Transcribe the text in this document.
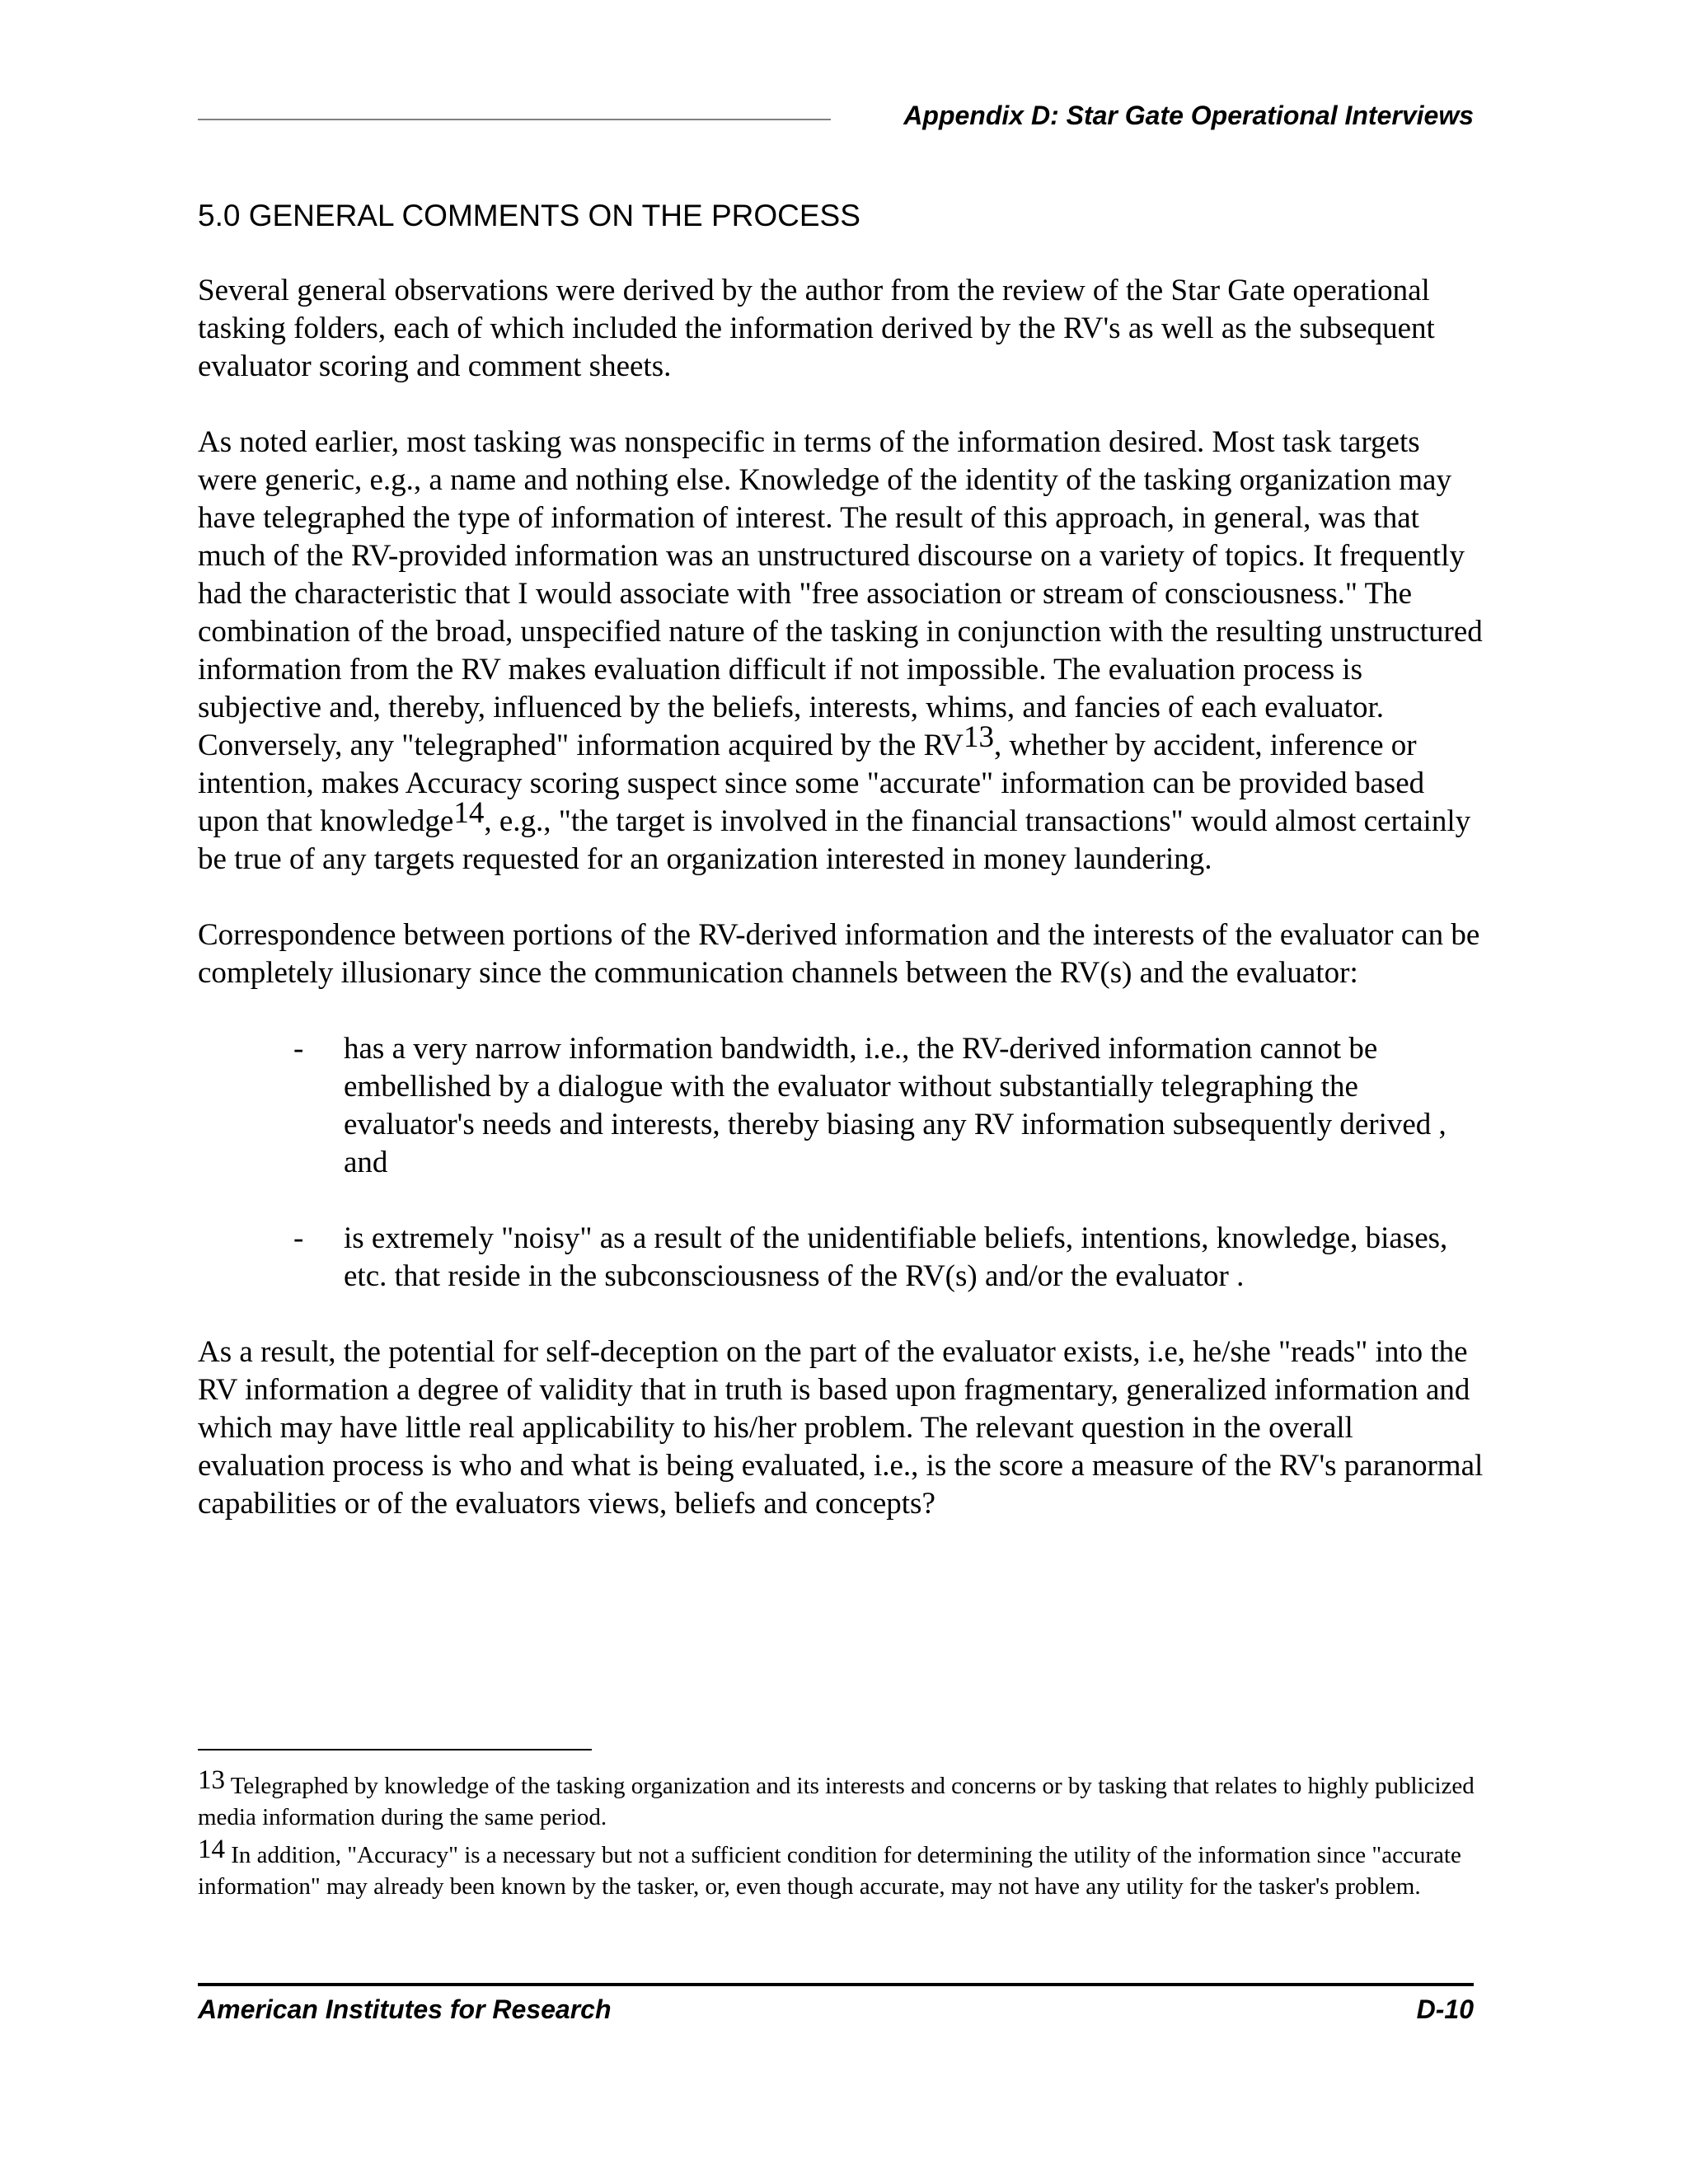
Appendix D: Star Gate Operational Interviews
5.0 GENERAL COMMENTS ON THE PROCESS

Several general observations were derived by the author from the review of the Star Gate operational tasking folders, each of which included the information derived by the RV's as well as the subsequent evaluator scoring and comment sheets.

As noted earlier, most tasking was nonspecific in terms of the information desired. Most task targets were generic, e.g., a name and nothing else. Knowledge of the identity of the tasking organization may have telegraphed the type of information of interest. The result of this approach, in general, was that much of the RV-provided information was an unstructured discourse on a variety of topics. It frequently had the characteristic that I would associate with "free association or stream of consciousness." The combination of the broad, unspecified nature of the tasking in conjunction with the resulting unstructured information from the RV makes evaluation difficult if not impossible. The evaluation process is subjective and, thereby, influenced by the beliefs, interests, whims, and fancies of each evaluator. Conversely, any "telegraphed" information acquired by the RV$^{13}$, whether by accident, inference or intention, makes Accuracy scoring suspect since some "accurate" information can be provided based upon that knowledge$^{14}$, e.g., "the target is involved in the financial transactions" would almost certainly be true of any targets requested for an organization interested in money laundering.

Correspondence between portions of the RV-derived information and the interests of the evaluator can be completely illusionary since the communication channels between the RV(s) and the evaluator:

- has a very narrow information bandwidth, i.e., the RV-derived information cannot be embellished by a dialogue with the evaluator without substantially telegraphing the evaluator's needs and interests, thereby biasing any RV information subsequently derived , and
- is extremely "noisy" as a result of the unidentifiable beliefs, intentions, knowledge, biases, etc. that reside in the subconsciousness of the RV(s) and/or the evaluator .

As a result, the potential for self-deception on the part of the evaluator exists, i.e, he/she "reads" into the RV information a degree of validity that in truth is based upon fragmentary, generalized information and which may have little real applicability to his/her problem. The relevant question in the overall evaluation process is who and what is being evaluated, i.e., is the score a measure of the RV's paranormal capabilities or of the evaluators views, beliefs and concepts?

$^{13}$ Telegraphed by knowledge of the tasking organization and its interests and concerns or by tasking that relates to highly publicized media information during the same period.

$^{14}$ In addition, "Accuracy" is a necessary but not a sufficient condition for determining the utility of the information since "accurate information" may already been known by the tasker, or, even though accurate, may not have any utility for the tasker's problem.

American Institutes for Research	D-10
